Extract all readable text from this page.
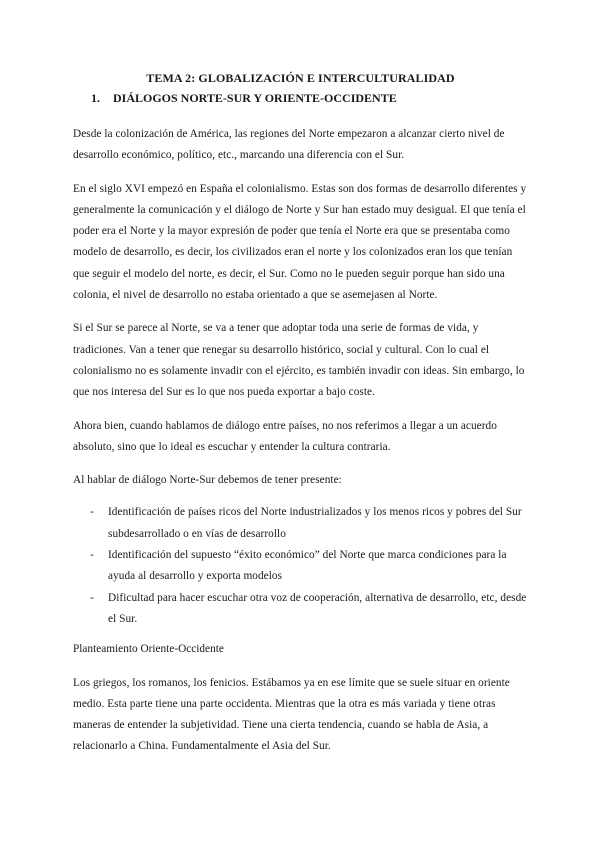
TEMA 2: GLOBALIZACIÓN E INTERCULTURALIDAD
1. DIÁLOGOS NORTE-SUR Y ORIENTE-OCCIDENTE

Desde la colonización de América, las regiones del Norte empezaron a alcanzar cierto nivel de desarrollo económico, político, etc., marcando una diferencia con el Sur.

En el siglo XVI empezó en España el colonialismo. Estas son dos formas de desarrollo diferentes y generalmente la comunicación y el diálogo de Norte y Sur han estado muy desigual. El que tenía el poder era el Norte y la mayor expresión de poder que tenía el Norte era que se presentaba como modelo de desarrollo, es decir, los civilizados eran el norte y los colonizados eran los que tenían que seguir el modelo del norte, es decir, el Sur. Como no le pueden seguir porque han sido una colonia, el nivel de desarrollo no estaba orientado a que se asemejasen al Norte.

Si el Sur se parece al Norte, se va a tener que adoptar toda una serie de formas de vida, y tradiciones. Van a tener que renegar su desarrollo histórico, social y cultural. Con lo cual el colonialismo no es solamente invadir con el ejército, es también invadir con ideas. Sin embargo, lo que nos interesa del Sur es lo que nos pueda exportar a bajo coste.

Ahora bien, cuando hablamos de diálogo entre países, no nos referimos a llegar a un acuerdo absoluto, sino que lo ideal es escuchar y entender la cultura contraria.

Al hablar de diálogo Norte-Sur debemos de tener presente:

- Identificación de países ricos del Norte industrializados y los menos ricos y pobres del Sur subdesarrollado o en vías de desarrollo
- Identificación del supuesto “éxito económico” del Norte que marca condiciones para la ayuda al desarrollo y exporta modelos
- Dificultad para hacer escuchar otra voz de cooperación, alternativa de desarrollo, etc, desde el Sur.
Planteamiento Oriente-Occidente

Los griegos, los romanos, los fenicios. Estábamos ya en ese límite que se suele situar en oriente medio. Esta parte tiene una parte occidenta. Mientras que la otra es más variada y tiene otras maneras de entender la subjetividad. Tiene una cierta tendencia, cuando se habla de Asia, a relacionarlo a China. Fundamentalmente el Asia del Sur.
